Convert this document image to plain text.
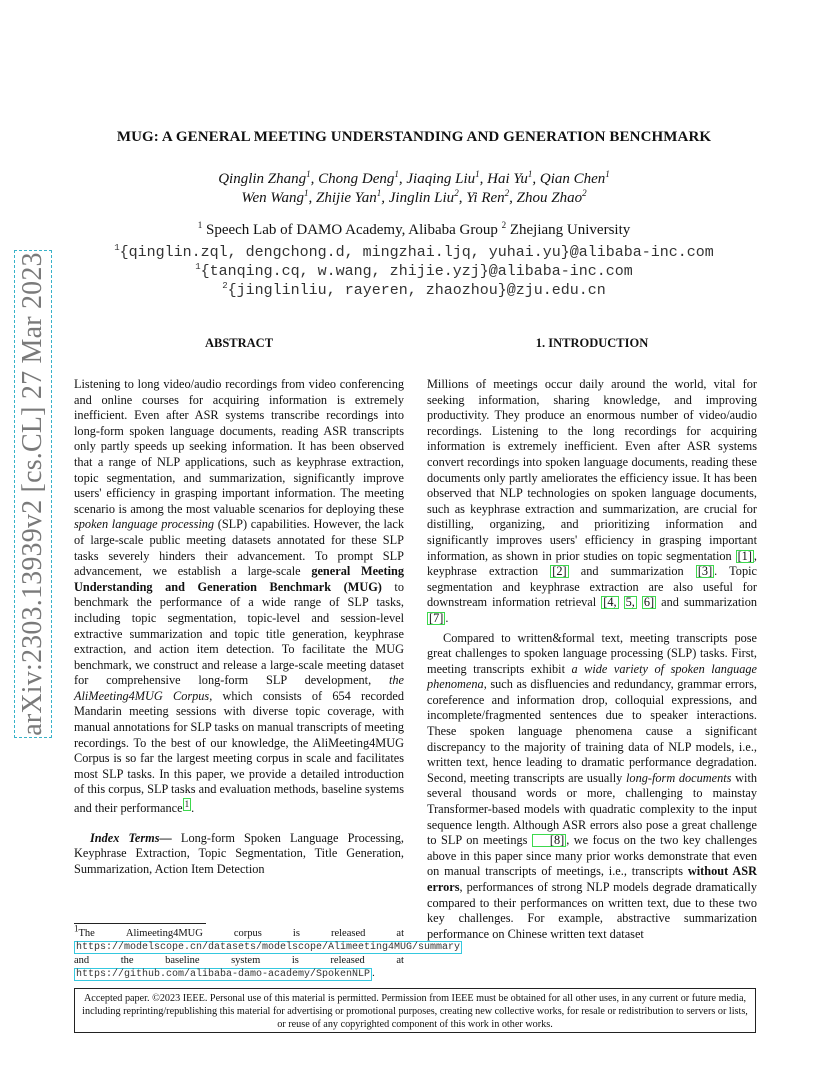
arXiv:2303.13939v2 [cs.CL] 27 Mar 2023
MUG: A GENERAL MEETING UNDERSTANDING AND GENERATION BENCHMARK
Qinglin Zhang$^1$, Chong Deng$^1$, Jiaqing Liu$^1$, Hai Yu$^1$, Qian Chen$^1$
Wen Wang$^1$, Zhijie Yan$^1$, Jinglin Liu$^2$, Yi Ren$^2$, Zhou Zhao$^2$
$^1$ Speech Lab of DAMO Academy, Alibaba Group $^2$ Zhejiang University
$^1${qinglin.zql, dengchong.d, mingzhai.ljq, yuhai.yu}@alibaba-inc.com
$^1${tanqing.cq, w.wang, zhijie.yzj}@alibaba-inc.com
$^2${jinglinliu, rayeren, zhaozhou}@zju.edu.cn
ABSTRACT

Listening to long video/audio recordings from video conferencing and online courses for acquiring information is extremely inefficient. Even after ASR systems transcribe recordings into long-form spoken language documents, reading ASR transcripts only partly speeds up seeking information. It has been observed that a range of NLP applications, such as keyphrase extraction, topic segmentation, and summarization, significantly improve users' efficiency in grasping important information. The meeting scenario is among the most valuable scenarios for deploying these spoken language processing (SLP) capabilities. However, the lack of large-scale public meeting datasets annotated for these SLP tasks severely hinders their advancement. To prompt SLP advancement, we establish a large-scale general Meeting Understanding and Generation Benchmark (MUG) to benchmark the performance of a wide range of SLP tasks, including topic segmentation, topic-level and session-level extractive summarization and topic title generation, keyphrase extraction, and action item detection. To facilitate the MUG benchmark, we construct and release a large-scale meeting dataset for comprehensive long-form SLP development, the AliMeeting4MUG Corpus, which consists of 654 recorded Mandarin meeting sessions with diverse topic coverage, with manual annotations for SLP tasks on manual transcripts of meeting recordings. To the best of our knowledge, the AliMeeting4MUG Corpus is so far the largest meeting corpus in scale and facilitates most SLP tasks. In this paper, we provide a detailed introduction of this corpus, SLP tasks and evaluation methods, baseline systems and their performance $^1$ .

Index Terms— Long-form Spoken Language Processing, Keyphrase Extraction, Topic Segmentation, Title Generation, Summarization, Action Item Detection

$^1$The	Alimeeting4MUG	corpus	is	released	at
https://modelscope.cn/datasets/modelscope/Alimeeting4MUG/summary
and	the	baseline	system	is	released	at
https://github.com/alibaba-damo-academy/SpokenNLP .
1. INTRODUCTION

Millions of meetings occur daily around the world, vital for seeking information, sharing knowledge, and improving productivity. They produce an enormous number of video/audio recordings. Listening to the long recordings for acquiring information is extremely inefficient. Even after ASR systems convert recordings into spoken language documents, reading these documents only partly ameliorates the efficiency issue. It has been observed that NLP technologies on spoken language documents, such as keyphrase extraction and summarization, are crucial for distilling, organizing, and prioritizing information and significantly improves users' efficiency in grasping important information, as shown in prior studies on topic segmentation [1] , keyphrase extraction [2] and summarization [3] . Topic segmentation and keyphrase extraction are also useful for downstream information retrieval [4, 5, 6] and summarization [7] .

Compared to written&formal text, meeting transcripts pose great challenges to spoken language processing (SLP) tasks. First, meeting transcripts exhibit a wide variety of spoken language phenomena, such as disfluencies and redundancy, grammar errors, coreference and information drop, colloquial expressions, and incomplete/fragmented sentences due to speaker interactions. These spoken language phenomena cause a significant discrepancy to the majority of training data of NLP models, i.e., written text, hence leading to dramatic performance degradation. Second, meeting transcripts are usually long-form documents with several thousand words or more, challenging to mainstay Transformer-based models with quadratic complexity to the input sequence length. Although ASR errors also pose a great challenge to SLP on meetings [8] , we focus on the two key challenges above in this paper since many prior works demonstrate that even on manual transcripts of meetings, i.e., transcripts without ASR errors, performances of strong NLP models degrade dramatically compared to their performances on written text, due to these two key challenges. For example, abstractive summarization performance on Chinese written text dataset

Accepted paper. ©2023 IEEE. Personal use of this material is permitted. Permission from IEEE must be obtained for all other uses, in any current or future media, including reprinting/republishing this material for advertising or promotional purposes, creating new collective works, for resale or redistribution to servers or lists, or reuse of any copyrighted component of this work in other works.
